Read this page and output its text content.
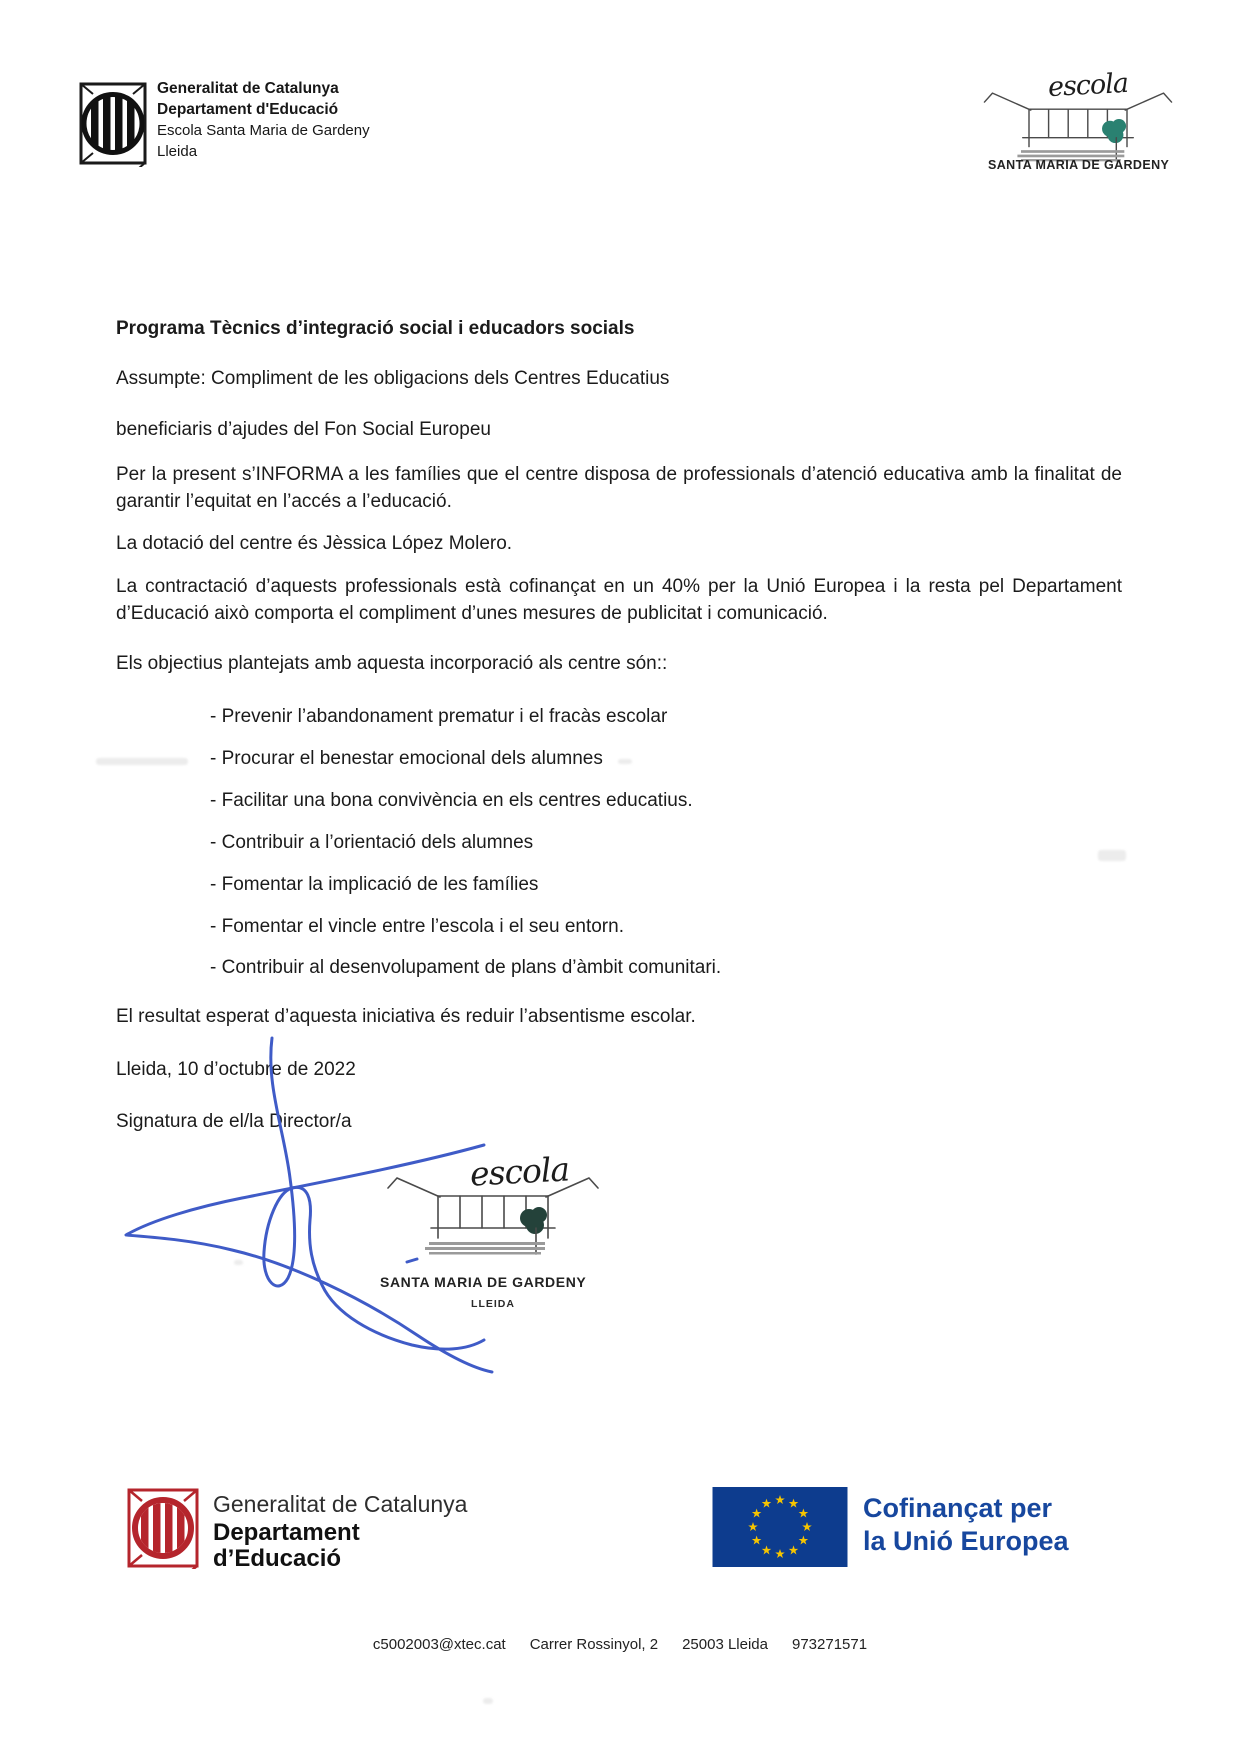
Generalitat de Catalunya
Departament d'Educació
Escola Santa Maria de Gardeny
Lleida
escola
SANTA MARIA DE GARDENY
Programa Tècnics d’integració social i educadors socials
Assumpte: Compliment de les obligacions dels Centres Educatius
beneficiaris d’ajudes del Fon Social Europeu
Per la present s’INFORMA a les famílies que el centre disposa de professionals d’atenció educativa amb la finalitat de garantir l’equitat en l’accés a l’educació.
La dotació del centre és Jèssica López Molero.
La contractació d’aquests professionals està cofinançat en un 40% per la Unió Europea i la resta pel Departament d’Educació això comporta el compliment d’unes mesures de publicitat i comunicació.
Els objectius plantejats amb aquesta incorporació als centre són::
- Prevenir l’abandonament prematur i el fracàs escolar
- Procurar el benestar emocional dels alumnes
- Facilitar una bona convivència en els centres educatius.
- Contribuir a l’orientació dels alumnes
- Fomentar la implicació de les famílies
- Fomentar el vincle entre l’escola i el seu entorn.
- Contribuir al desenvolupament de plans d’àmbit comunitari.
El resultat esperat d’aquesta iniciativa és reduir l’absentisme escolar.
Lleida, 10 d’octubre de 2022
Signatura de el/la Director/a
escola
SANTA MARIA DE GARDENY
LLEIDA
Generalitat de Catalunya
Departament
d’Educació
Cofinançat per
la Unió Europea
c5002003@xtec.cat Carrer Rossinyol, 2 25003 Lleida 973271571
